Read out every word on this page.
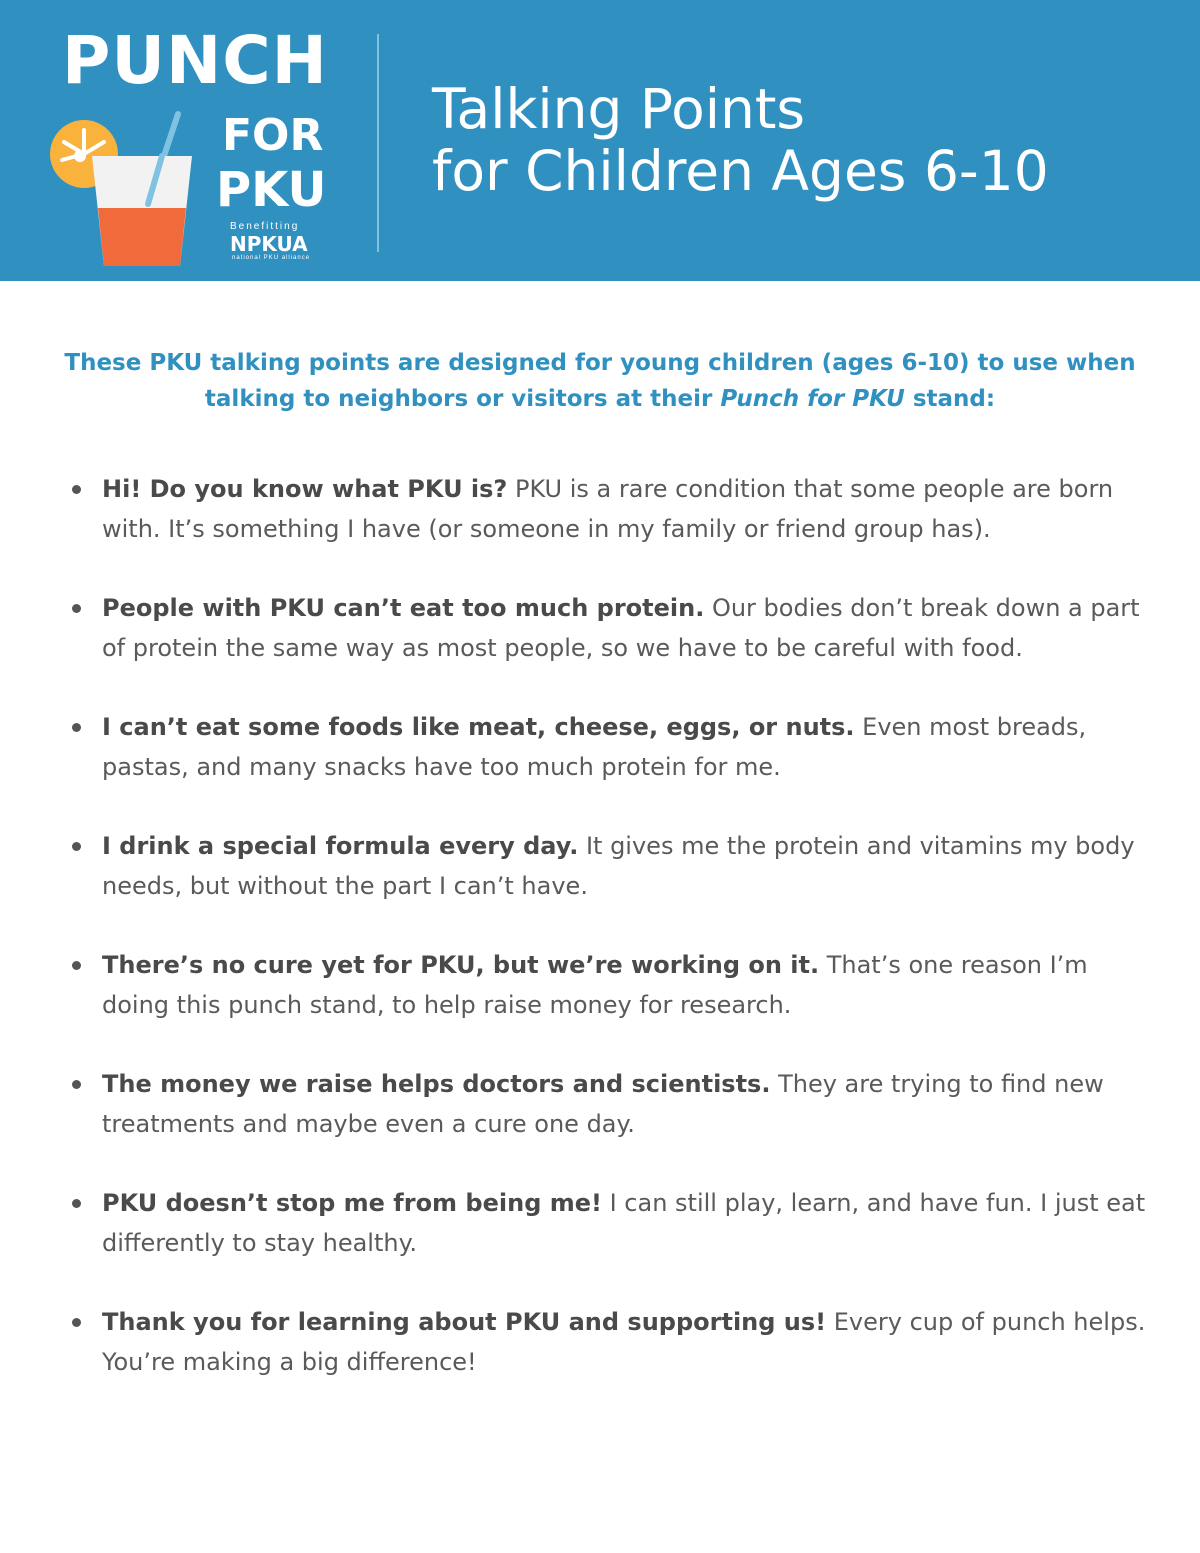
PUNCH
FOR
PKU
Benefitting
NPKUA
national PKU alliance
Talking Points
for Children Ages 6-10

These PKU talking points are designed for young children (ages 6-10) to use when talking to neighbors or visitors at their Punch for PKU stand:

Hi! Do you know what PKU is? PKU is a rare condition that some people are born with. It’s something I have (or someone in my family or friend group has).
People with PKU can’t eat too much protein. Our bodies don’t break down a part of protein the same way as most people, so we have to be careful with food.
I can’t eat some foods like meat, cheese, eggs, or nuts. Even most breads, pastas, and many snacks have too much protein for me.
I drink a special formula every day. It gives me the protein and vitamins my body needs, but without the part I can’t have.
There’s no cure yet for PKU, but we’re working on it. That’s one reason I’m doing this punch stand, to help raise money for research.
The money we raise helps doctors and scientists. They are trying to find new treatments and maybe even a cure one day.
PKU doesn’t stop me from being me! I can still play, learn, and have fun. I just eat differently to stay healthy.
Thank you for learning about PKU and supporting us! Every cup of punch helps. You’re making a big difference!
